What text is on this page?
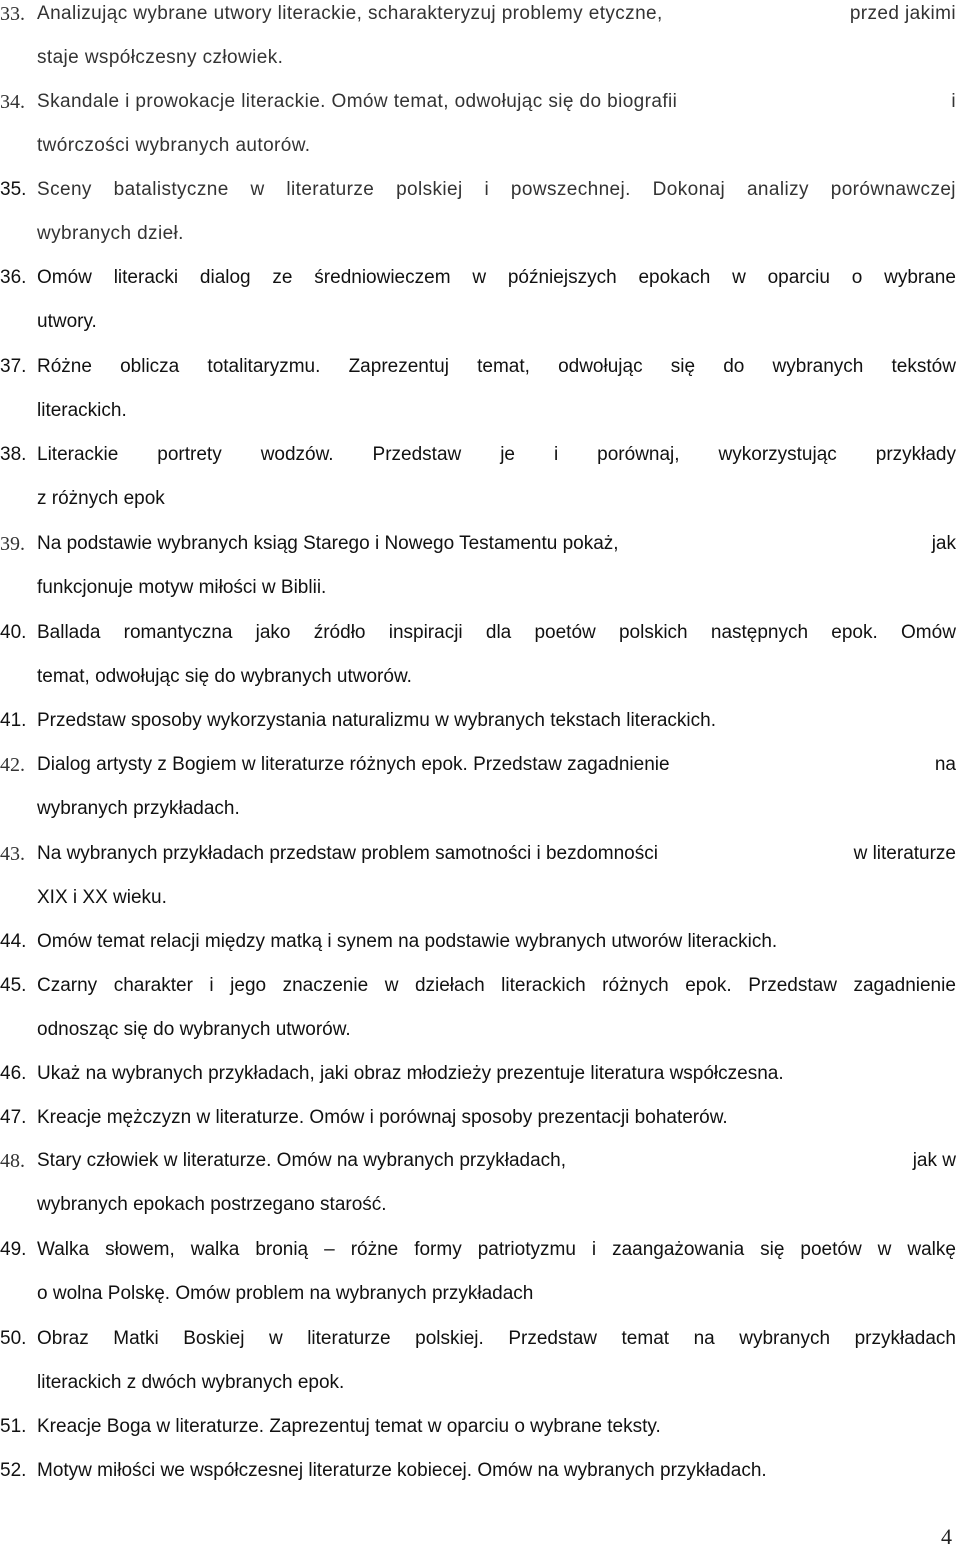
33. Analizując wybrane utwory literackie, scharakteryzuj problemy etyczne,	przed jakimi
staje współczesny człowiek.
34. Skandale i prowokacje literackie. Omów temat, odwołując się do biografii	i
twórczości wybranych autorów.
35. Sceny batalistyczne w literaturze polskiej i powszechnej. Dokonaj analizy porównawczej
wybranych dzieł.
36. Omów literacki dialog ze średniowieczem w późniejszych epokach w oparciu o wybrane
utwory.
37. Różne oblicza totalitaryzmu. Zaprezentuj temat, odwołując się do wybranych tekstów
literackich.
38. Literackie portrety wodzów. Przedstaw je i porównaj, wykorzystując przykłady
z różnych epok
39. Na podstawie wybranych ksiąg Starego i Nowego Testamentu pokaż,	jak
funkcjonuje motyw miłości w Biblii.
40. Ballada romantyczna jako źródło inspiracji dla poetów polskich następnych epok. Omów
temat, odwołując się do wybranych utworów.
41. Przedstaw sposoby wykorzystania naturalizmu w wybranych tekstach literackich.
42. Dialog artysty z Bogiem w literaturze różnych epok. Przedstaw zagadnienie	na
wybranych przykładach.
43. Na wybranych przykładach przedstaw problem samotności i bezdomności	w literaturze
XIX i XX wieku.
44. Omów temat relacji między matką i synem na podstawie wybranych utworów literackich.
45. Czarny charakter i jego znaczenie w dziełach literackich różnych epok. Przedstaw zagadnienie
odnosząc się do wybranych utworów.
46. Ukaż na wybranych przykładach, jaki obraz młodzieży prezentuje literatura współczesna.
47. Kreacje mężczyzn w literaturze. Omów i porównaj sposoby prezentacji bohaterów.
48. Stary człowiek w literaturze. Omów na wybranych przykładach,	jak w
wybranych epokach postrzegano starość.
49. Walka słowem, walka bronią – różne formy patriotyzmu i zaangażowania się poetów w walkę
o wolna Polskę. Omów problem na wybranych przykładach
50. Obraz Matki Boskiej w literaturze polskiej. Przedstaw temat na wybranych przykładach
literackich z dwóch wybranych epok.
51. Kreacje Boga w literaturze. Zaprezentuj temat w oparciu o wybrane teksty.
52. Motyw miłości we współczesnej literaturze kobiecej. Omów na wybranych przykładach.
4
